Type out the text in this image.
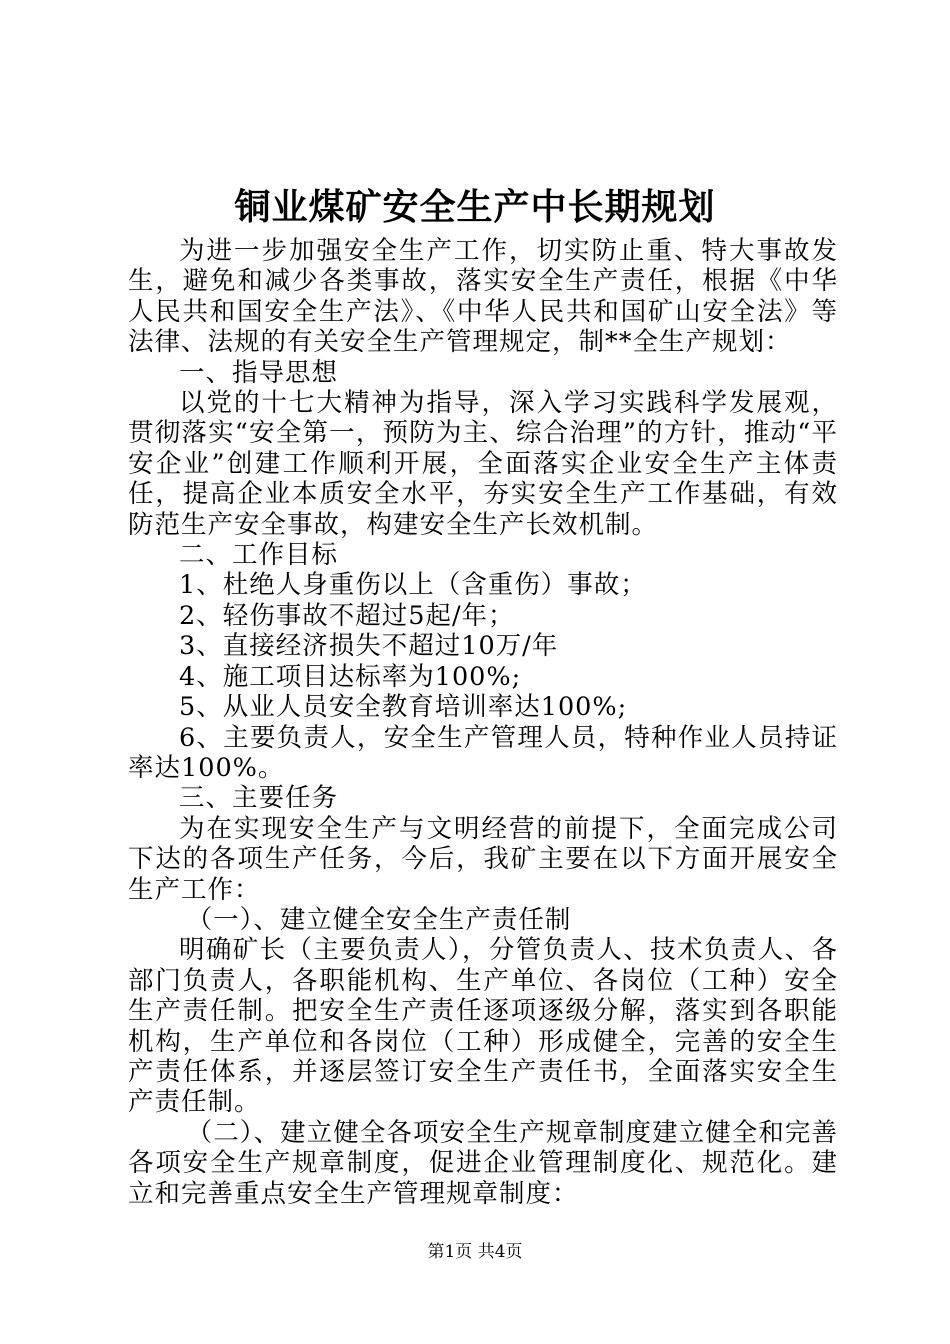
铜业煤矿安全生产中长期规划

为进一步加强安全生产工作，切实防止重、特大事故发生，避免和减少各类事故，落实安全生产责任，根据《中华人民共和国安全生产法》、《中华人民共和国矿山安全法》等法律、法规的有关安全生产管理规定，制**全生产规划：

一、指导思想

以党的十七大精神为指导，深入学习实践科学发展观，贯彻落实“安全第一，预防为主、综合治理”的方针，推动“平安企业”创建工作顺利开展，全面落实企业安全生产主体责任，提高企业本质安全水平，夯实安全生产工作基础，有效防范生产安全事故，构建安全生产长效机制。

二、工作目标

1、杜绝人身重伤以上（含重伤）事故；

2、轻伤事故不超过5起/年；

3、直接经济损失不超过10万/年

4、施工项目达标率为100%;

5、从业人员安全教育培训率达100%;

6、主要负责人，安全生产管理人员，特种作业人员持证率达100%。

三、主要任务

为在实现安全生产与文明经营的前提下，全面完成公司下达的各项生产任务，今后，我矿主要在以下方面开展安全生产工作：

（一）、建立健全安全生产责任制

明确矿长（主要负责人），分管负责人、技术负责人、各部门负责人，各职能机构、生产单位、各岗位（工种）安全生产责任制。把安全生产责任逐项逐级分解，落实到各职能机构，生产单位和各岗位（工种）形成健全，完善的安全生产责任体系，并逐层签订安全生产责任书，全面落实安全生产责任制。

（二）、建立健全各项安全生产规章制度建立健全和完善各项安全生产规章制度，促进企业管理制度化、规范化。建立和完善重点安全生产管理规章制度：

第1页 共4页
